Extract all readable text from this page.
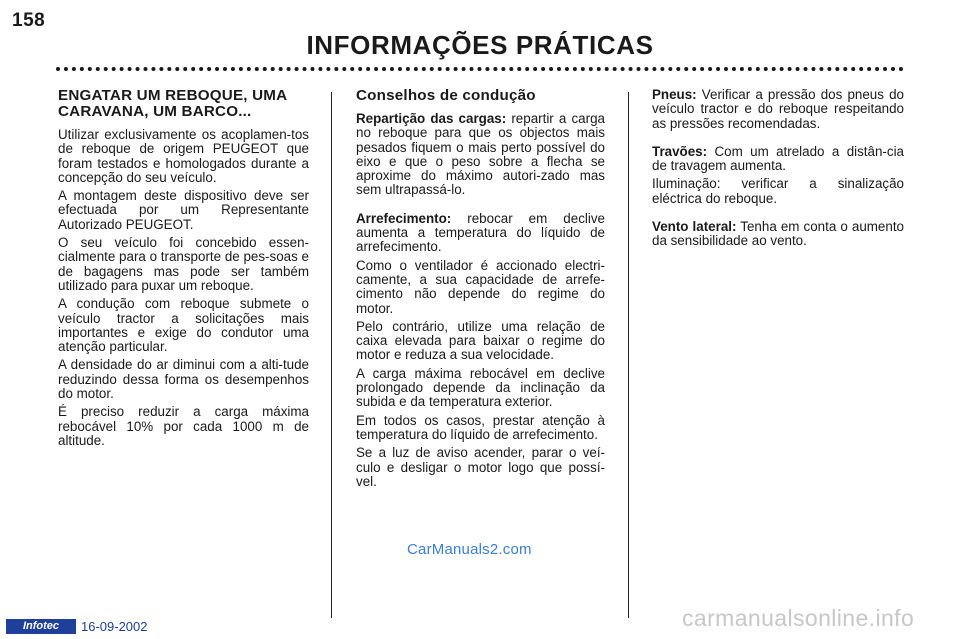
158
INFORMAÇÕES PRÁTICAS
ENGATAR UM REBOQUE, UMA CARAVANA, UM BARCO...

Utilizar exclusivamente os acoplamen-tos de reboque de origem PEUGEOT que foram testados e homologados durante a concepção do seu veículo.

A montagem deste dispositivo deve ser efectuada por um Representante Autorizado PEUGEOT.

O seu veículo foi concebido essen-cialmente para o transporte de pes-soas e de bagagens mas pode ser também utilizado para puxar um reboque.

A condução com reboque submete o veículo tractor a solicitações mais importantes e exige do condutor uma atenção particular.

A densidade do ar diminui com a alti-tude reduzindo dessa forma os desempenhos do motor.

É preciso reduzir a carga máxima rebocável 10% por cada 1000 m de altitude.

Conselhos de condução

Repartição das cargas: repartir a carga no reboque para que os objectos mais pesados fiquem o mais perto possível do eixo e que o peso sobre a flecha se aproxime do máximo autori-zado mas sem ultrapassá-lo.

Arrefecimento: rebocar em declive aumenta a temperatura do líquido de arrefecimento.

Como o ventilador é accionado electri-camente, a sua capacidade de arrefe-cimento não depende do regime do motor.

Pelo contrário, utilize uma relação de caixa elevada para baixar o regime do motor e reduza a sua velocidade.

A carga máxima rebocável em declive prolongado depende da inclinação da subida e da temperatura exterior.

Em todos os casos, prestar atenção à temperatura do líquido de arrefecimento.

Se a luz de aviso acender, parar o veí-culo e desligar o motor logo que possí-vel.

Pneus: Verificar a pressão dos pneus do veículo tractor e do reboque respeitando as pressões recomendadas.

Travões: Com um atrelado a distân-cia de travagem aumenta.

Iluminação: verificar a sinalização eléctrica do reboque.

Vento lateral: Tenha em conta o aumento da sensibilidade ao vento.

CarManuals2.com
Infotec	16-09-2002	carmanualsonline.info
